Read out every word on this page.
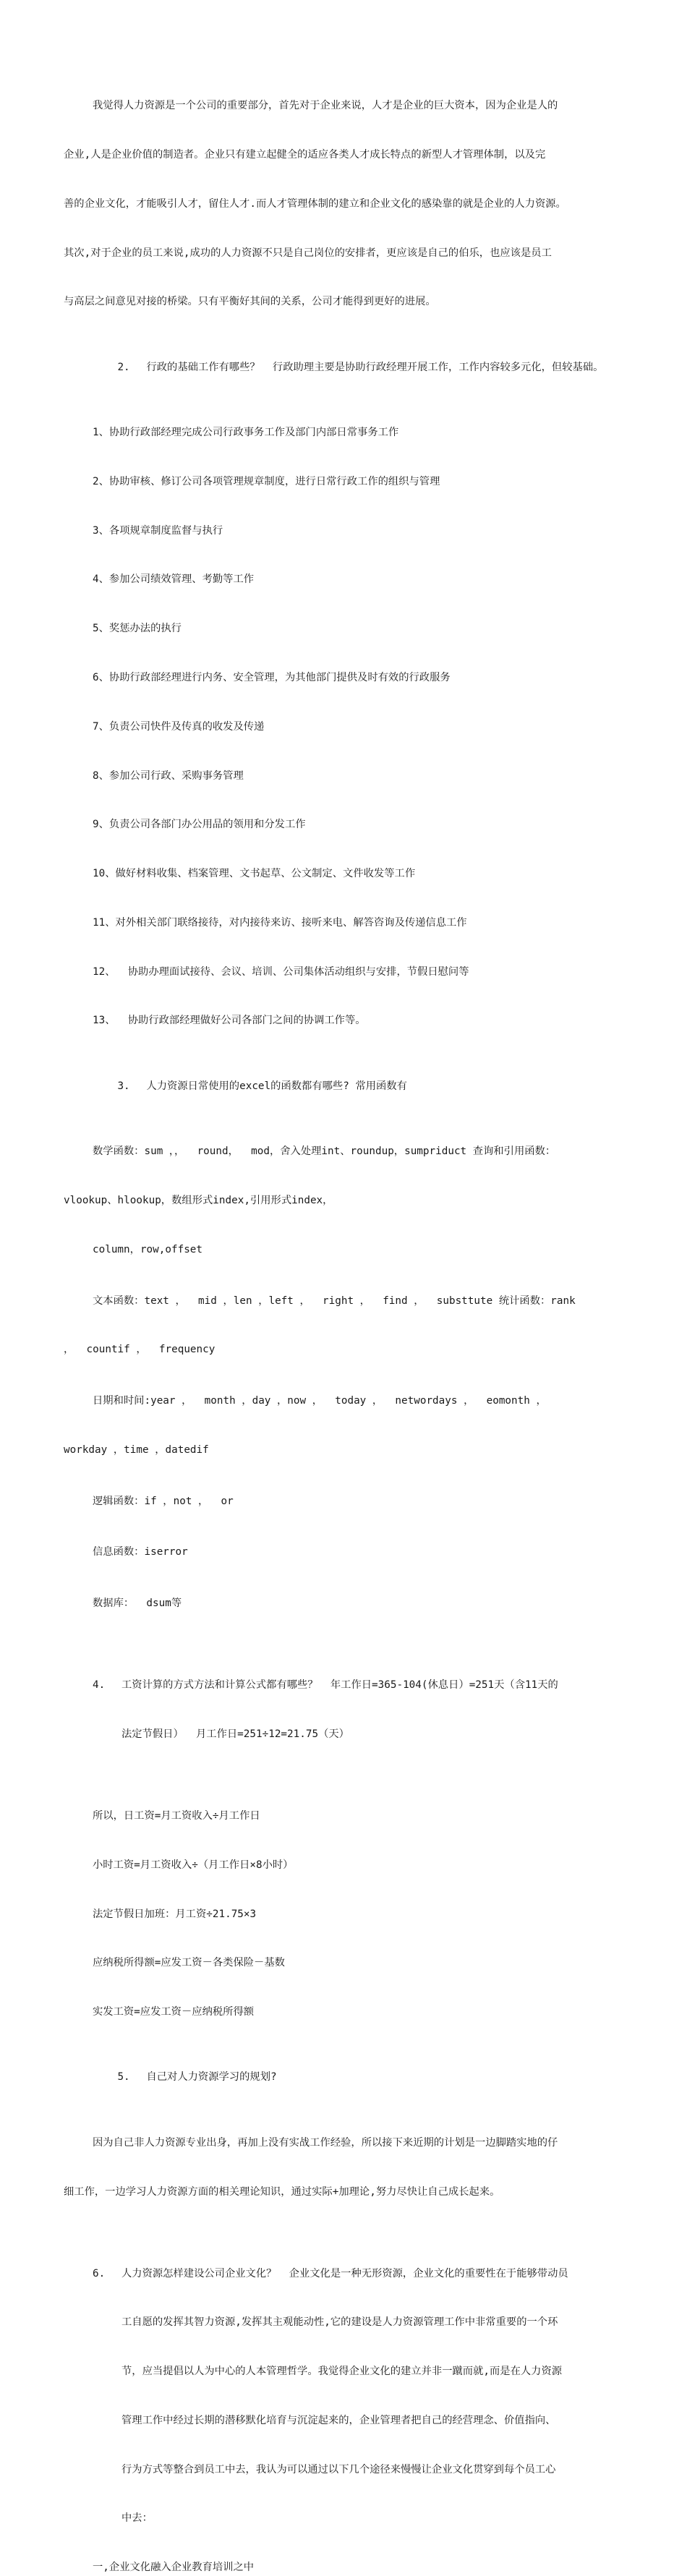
我觉得人力资源是一个公司的重要部分，首先对于企业来说，人才是企业的巨大资本，因为企业是人的

企业,人是企业价值的制造者。企业只有建立起健全的适应各类人才成长特点的新型人才管理体制，以及完

善的企业文化，才能吸引人才，留住人才.而人才管理体制的建立和企业文化的感染靠的就是企业的人力资源。

其次,对于企业的员工来说,成功的人力资源不只是自己岗位的安排者，更应该是自己的伯乐，也应该是员工

与高层之间意见对接的桥梁。只有平衡好其间的关系，公司才能得到更好的进展。

2. 行政的基础工作有哪些？  行政助理主要是协助行政经理开展工作，工作内容较多元化，但较基础。

1、协助行政部经理完成公司行政事务工作及部门内部日常事务工作

2、协助审核、修订公司各项管理规章制度，进行日常行政工作的组织与管理

3、各项规章制度监督与执行

4、参加公司绩效管理、考勤等工作

5、奖惩办法的执行

6、协助行政部经理进行内务、安全管理，为其他部门提供及时有效的行政服务

7、负责公司快件及传真的收发及传递

8、参加公司行政、采购事务管理

9、负责公司各部门办公用品的领用和分发工作

10、做好材料收集、档案管理、文书起草、公文制定、文件收发等工作

11、对外相关部门联络接待，对内接待来访、接听来电、解答咨询及传递信息工作

12、  协助办理面试接待、会议、培训、公司集体活动组织与安排，节假日慰问等

13、  协助行政部经理做好公司各部门之间的协调工作等。

3. 人力资源日常使用的excel的函数都有哪些? 常用函数有

数学函数：sum ，，  round，  mod，舍入处理int、roundup，sumpriduct 查询和引用函数：

vlookup、hlookup，数组形式index,引用形式index，

column，row,offset

文本函数：text ，  mid ，len ，left ，  right ，  find ，  substtute 统计函数：rank

，  countif ，  frequency

日期和时间:year ，  month ，day ，now ，  today ，  networdays ，  eomonth ，

workday ，time ，datedif

逻辑函数：if ，not ，  or

信息函数：iserror

数据库：  dsum等

4. 工资计算的方式方法和计算公式都有哪些？  年工作日=365-104(休息日）=251天（含11天的

法定节假日）  月工作日=251÷12=21.75（天）

所以，日工资=月工资收入÷月工作日

小时工资=月工资收入÷（月工作日×8小时）

法定节假日加班：月工资÷21.75×3

应纳税所得额=应发工资－各类保险－基数

实发工资=应发工资－应纳税所得额

5. 自己对人力资源学习的规划?

因为自己非人力资源专业出身，再加上没有实战工作经验，所以接下来近期的计划是一边脚踏实地的仔

细工作，一边学习人力资源方面的相关理论知识，通过实际+加理论,努力尽快让自己成长起来。

6. 人力资源怎样建设公司企业文化？  企业文化是一种无形资源，企业文化的重要性在于能够带动员

工自愿的发挥其智力资源,发挥其主观能动性,它的建设是人力资源管理工作中非常重要的一个环

节，应当提倡以人为中心的人本管理哲学。我觉得企业文化的建立并非一蹴而就,而是在人力资源

管理工作中经过长期的潜移默化培育与沉淀起来的，企业管理者把自己的经营理念、价值指向、

行为方式等整合到员工中去，我认为可以通过以下几个途径来慢慢让企业文化贯穿到每个员工心

中去：

一,企业文化融入企业教育培训之中
